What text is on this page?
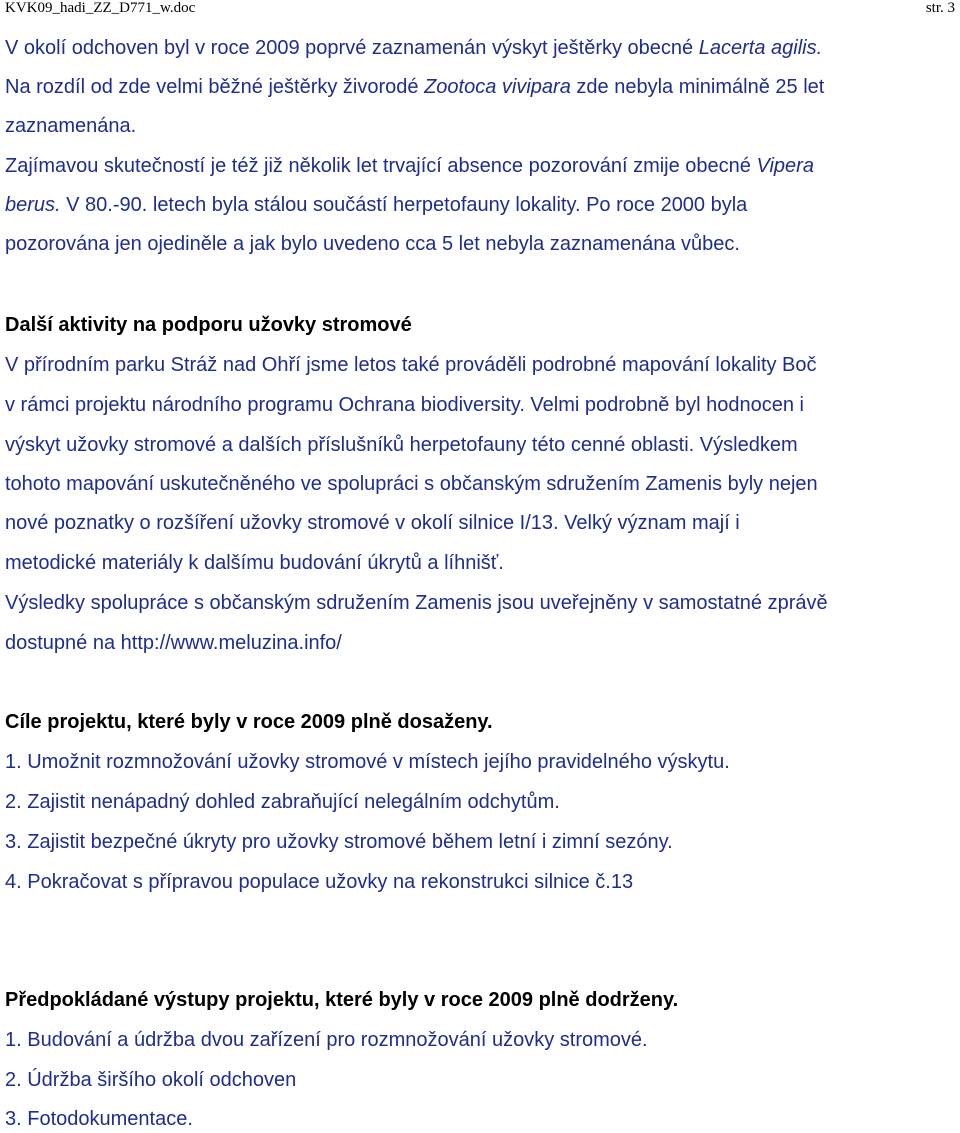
KVK09_hadi_ZZ_D771_w.doc	str. 3
V okolí odchoven byl v roce 2009 poprvé zaznamenán výskyt ještěrky obecné Lacerta agilis.
Na rozdíl od zde velmi běžné ještěrky živorodé Zootoca vivipara zde nebyla minimálně 25 let
zaznamenána.
Zajímavou skutečností je též již několik let trvající absence pozorování zmije obecné Vipera
berus. V 80.-90. letech byla stálou součástí herpetofauny lokality. Po roce 2000 byla
pozorována jen ojediněle a jak bylo uvedeno cca 5 let nebyla zaznamenána vůbec.
Další aktivity na podporu užovky stromové
V přírodním parku Stráž nad Ohří jsme letos také prováděli podrobné mapování lokality Boč
v rámci projektu národního programu Ochrana biodiversity. Velmi podrobně byl hodnocen i
výskyt užovky stromové a dalších příslušníků herpetofauny této cenné oblasti. Výsledkem
tohoto mapování uskutečněného ve spolupráci s občanským sdružením Zamenis byly nejen
nové poznatky o rozšíření užovky stromové v okolí silnice I/13. Velký význam mají i
metodické materiály k dalšímu budování úkrytů a líhnišť.
Výsledky spolupráce s občanským sdružením Zamenis jsou uveřejněny v samostatné zprávě
dostupné na http://www.meluzina.info/
Cíle projektu, které byly v roce 2009 plně dosaženy.
1. Umožnit rozmnožování užovky stromové v místech jejího pravidelného výskytu.
2. Zajistit nenápadný dohled zabraňující nelegálním odchytům.
3. Zajistit bezpečné úkryty pro užovky stromové během letní i zimní sezóny.
4. Pokračovat s přípravou populace užovky na rekonstrukci silnice č.13
Předpokládané výstupy projektu, které byly v roce 2009 plně dodrženy.
1. Budování a údržba dvou zařízení pro rozmnožování užovky stromové.
2. Údržba širšího okolí odchoven
3. Fotodokumentace.
